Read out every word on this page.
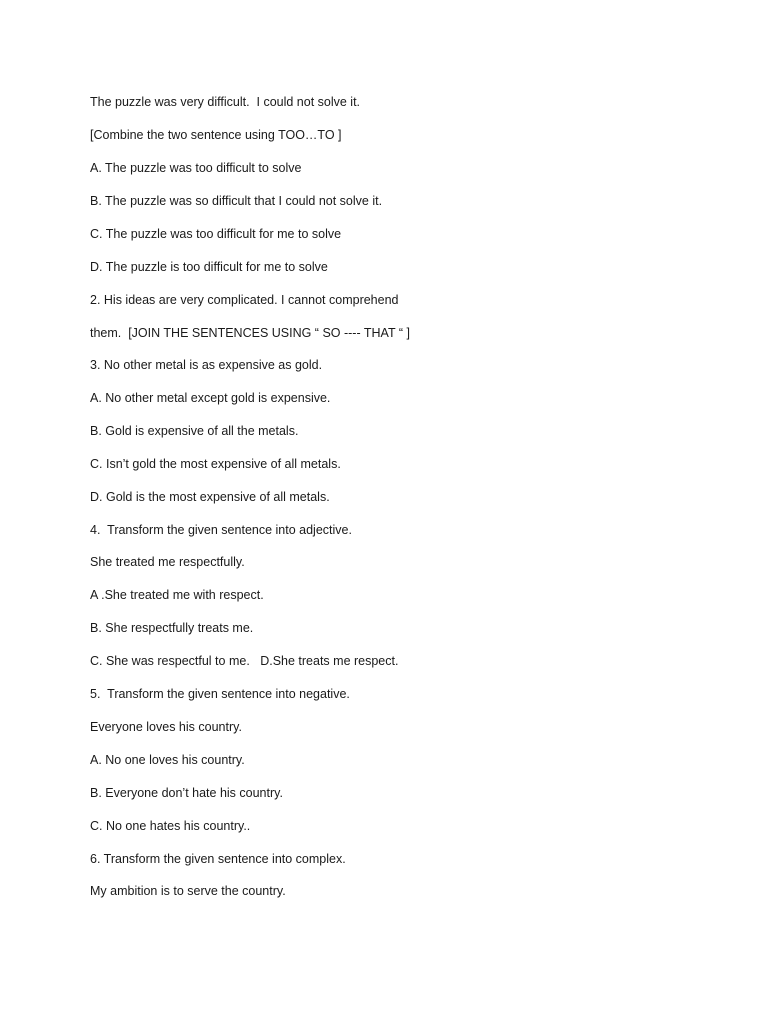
The puzzle was very difficult.  I could not solve it.

[Combine the two sentence using TOO…TO ]

A. The puzzle was too difficult to solve

B. The puzzle was so difficult that I could not solve it.

C. The puzzle was too difficult for me to solve

D. The puzzle is too difficult for me to solve

2. His ideas are very complicated. I cannot comprehend

them.  [JOIN THE SENTENCES USING “ SO ---- THAT “ ]

3. No other metal is as expensive as gold.

A. No other metal except gold is expensive.

B. Gold is expensive of all the metals.

C. Isn’t gold the most expensive of all metals.

D. Gold is the most expensive of all metals.

4.  Transform the given sentence into adjective.

She treated me respectfully.

A .She treated me with respect.

B. She respectfully treats me.

C. She was respectful to me.   D.She treats me respect.

5.  Transform the given sentence into negative.

Everyone loves his country.

A. No one loves his country.

B. Everyone don’t hate his country.

C. No one hates his country..

6. Transform the given sentence into complex.

My ambition is to serve the country.
